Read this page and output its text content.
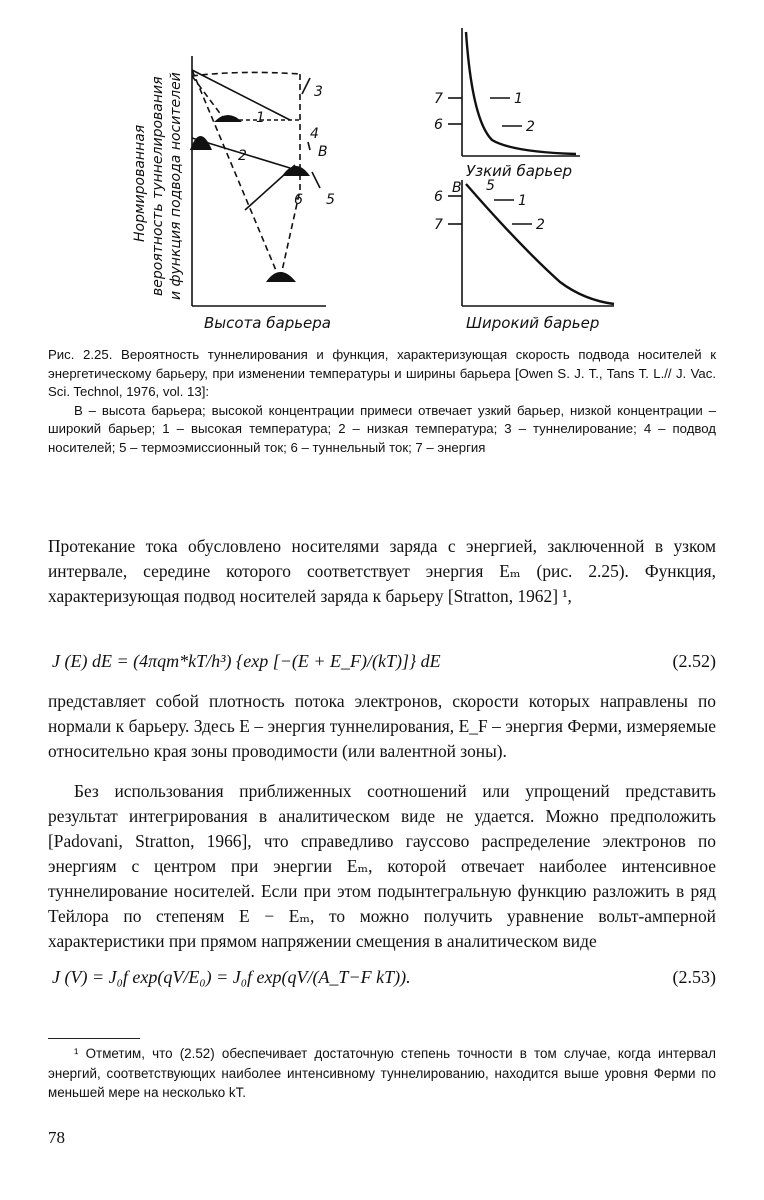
1
2
3
4
5
6
B
Высота барьера
7	1
6	2
Узкий барьер
B 5
6	1
7	2
Широкий барьер
Нормированная вероятность туннелирования и функция подвода носителей

Рис. 2.25. Вероятность туннелирования и функция, характеризующая скорость подвода носителей к энергетическому барьеру, при изменении температуры и ширины барьера [Owen S. J. T., Tans T. L.// J. Vac. Sci. Technol, 1976, vol. 13]:

B – высота барьера; высокой концентрации примеси отвечает узкий барьер, низкой концентрации – широкий барьер; 1 – высокая температура; 2 – низкая температура; 3 – туннелирование; 4 – подвод носителей; 5 – термоэмиссионный ток; 6 – туннельный ток; 7 – энергия

Протекание тока обусловлено носителями заряда с энергией, заключенной в узком интервале, середине которого соответствует энергия Eₘ (рис. 2.25). Функция, характеризующая подвод носителей заряда к барьеру [Stratton, 1962] ¹,

J (E) dE = (4πqm*kT/h³) {exp [−(E + E_F)/(kT)]} dE	(2.52)

представляет собой плотность потока электронов, скорости которых направлены по нормали к барьеру. Здесь E – энергия туннелирования, E_F – энергия Ферми, измеряемые относительно края зоны проводимости (или валентной зоны).

Без использования приближенных соотношений или упрощений представить результат интегрирования в аналитическом виде не удается. Можно предположить [Padovani, Stratton, 1966], что справедливо гауссово распределение электронов по энергиям с центром при энергии Eₘ, которой отвечает наиболее интенсивное туннелирование носителей. Если при этом подынтегральную функцию разложить в ряд Тейлора по степеням E − Eₘ, то можно получить уравнение вольт-амперной характеристики при прямом напряжении смещения в аналитическом виде

J (V) = J₀f exp(qV/E₀) = J₀f exp(qV/(A_T−F kT)).	(2.53)

¹ Отметим, что (2.52) обеспечивает достаточную степень точности в том случае, когда интервал энергий, соответствующих наиболее интенсивному туннелированию, находится выше уровня Ферми по меньшей мере на несколько kT.

78
